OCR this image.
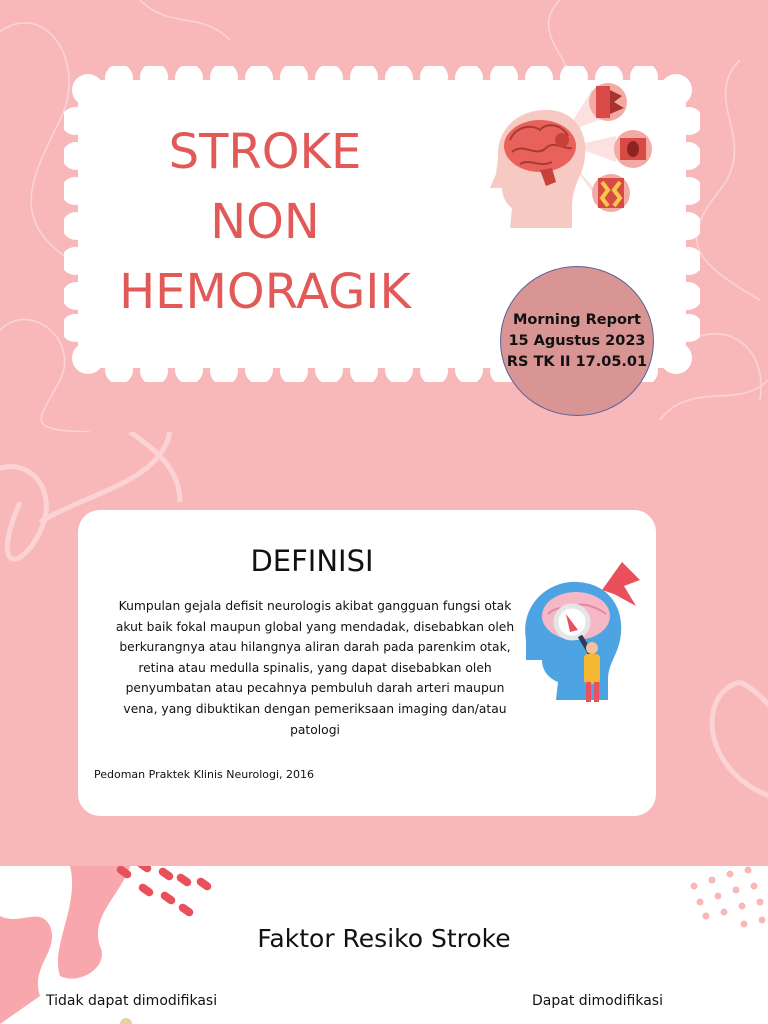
STROKE
NON
HEMORAGIK	Morning Report
15 Agustus 2023
RS TK II 17.05.01
DEFINISI
Kumpulan gejala defisit neurologis akibat gangguan fungsi otak akut baik fokal maupun global yang mendadak, disebabkan oleh berkurangnya atau hilangnya aliran darah pada parenkim otak, retina atau medulla spinalis, yang dapat disebabkan oleh penyumbatan atau pecahnya pembuluh darah arteri maupun vena, yang dibuktikan dengan pemeriksaan imaging dan/atau patologi
Pedoman Praktek Klinis Neurologi, 2016
Faktor Resiko Stroke
Tidak dapat dimodifikasi	Dapat dimodifikasi
